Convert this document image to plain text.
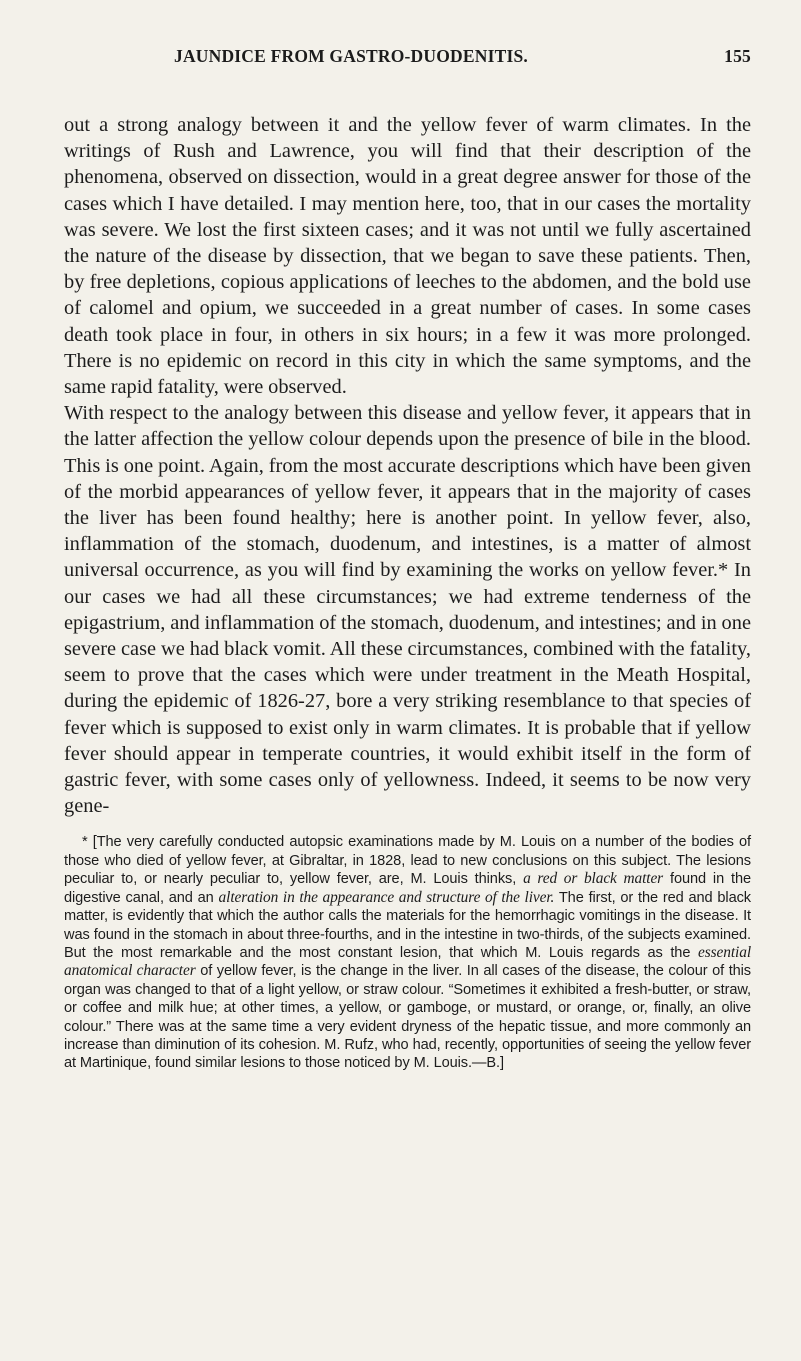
JAUNDICE FROM GASTRO-DUODENITIS.	155

out a strong analogy between it and the yellow fever of warm climates. In the writings of Rush and Lawrence, you will find that their description of the phenomena, observed on dissection, would in a great degree answer for those of the cases which I have detailed. I may mention here, too, that in our cases the mortality was severe. We lost the first sixteen cases; and it was not until we fully ascertained the nature of the disease by dissection, that we began to save these patients. Then, by free depletions, copious applications of leeches to the abdomen, and the bold use of calomel and opium, we succeeded in a great number of cases. In some cases death took place in four, in others in six hours; in a few it was more prolonged. There is no epidemic on record in this city in which the same symptoms, and the same rapid fatality, were observed.

With respect to the analogy between this disease and yellow fever, it appears that in the latter affection the yellow colour depends upon the presence of bile in the blood. This is one point. Again, from the most accurate descriptions which have been given of the morbid appearances of yellow fever, it appears that in the majority of cases the liver has been found healthy; here is another point. In yellow fever, also, inflammation of the stomach, duodenum, and intestines, is a matter of almost universal occurrence, as you will find by examining the works on yellow fever.* In our cases we had all these circumstances; we had extreme tenderness of the epigastrium, and inflammation of the stomach, duodenum, and intestines; and in one severe case we had black vomit. All these circumstances, combined with the fatality, seem to prove that the cases which were under treatment in the Meath Hospital, during the epidemic of 1826-27, bore a very striking resemblance to that species of fever which is supposed to exist only in warm climates. It is probable that if yellow fever should appear in temperate countries, it would exhibit itself in the form of gastric fever, with some cases only of yellowness. Indeed, it seems to be now very gene-

* [The very carefully conducted autopsic examinations made by M. Louis on a number of the bodies of those who died of yellow fever, at Gibraltar, in 1828, lead to new conclusions on this subject. The lesions peculiar to, or nearly peculiar to, yellow fever, are, M. Louis thinks, a red or black matter found in the digestive canal, and an alteration in the appearance and structure of the liver. The first, or the red and black matter, is evidently that which the author calls the materials for the hemorrhagic vomitings in the disease. It was found in the stomach in about three-fourths, and in the intestine in two-thirds, of the subjects examined. But the most remarkable and the most constant lesion, that which M. Louis regards as the essential anatomical character of yellow fever, is the change in the liver. In all cases of the disease, the colour of this organ was changed to that of a light yellow, or straw colour. “Sometimes it exhibited a fresh-butter, or straw, or coffee and milk hue; at other times, a yellow, or gamboge, or mustard, or orange, or, finally, an olive colour.” There was at the same time a very evident dryness of the hepatic tissue, and more commonly an increase than diminution of its cohesion. M. Rufz, who had, recently, opportunities of seeing the yellow fever at Martinique, found similar lesions to those noticed by M. Louis.—B.]
